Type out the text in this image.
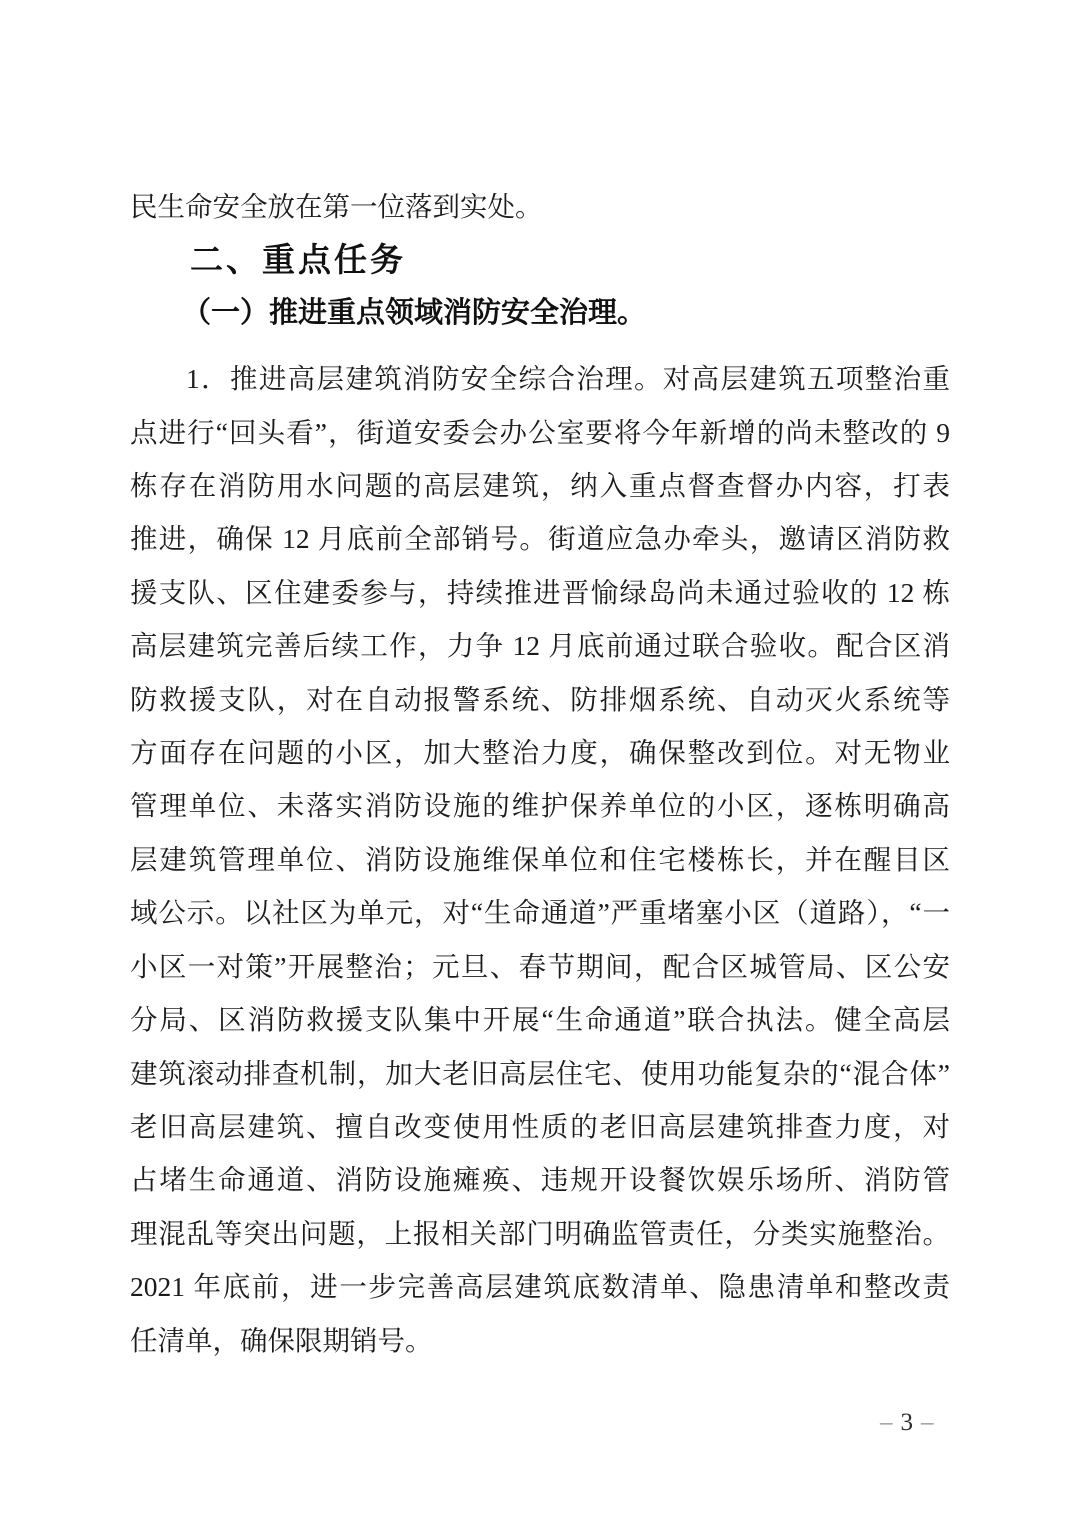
民生命安全放在第一位落到实处。
二、重点任务
（一）推进重点领域消防安全治理。
1．推进高层建筑消防安全综合治理。对高层建筑五项整治重
点进行“回头看”，街道安委会办公室要将今年新增的尚未整改的 9
栋存在消防用水问题的高层建筑，纳入重点督查督办内容，打表
推进，确保 12 月底前全部销号。街道应急办牵头，邀请区消防救
援支队、区住建委参与，持续推进晋愉绿岛尚未通过验收的 12 栋
高层建筑完善后续工作，力争 12 月底前通过联合验收。配合区消
防救援支队，对在自动报警系统、防排烟系统、自动灭火系统等
方面存在问题的小区，加大整治力度，确保整改到位。对无物业
管理单位、未落实消防设施的维护保养单位的小区，逐栋明确高
层建筑管理单位、消防设施维保单位和住宅楼栋长，并在醒目区
域公示。以社区为单元，对“生命通道”严重堵塞小区（道路），“一
小区一对策”开展整治；元旦、春节期间，配合区城管局、区公安
分局、区消防救援支队集中开展“生命通道”联合执法。健全高层
建筑滚动排查机制，加大老旧高层住宅、使用功能复杂的“混合体”
老旧高层建筑、擅自改变使用性质的老旧高层建筑排查力度，对
占堵生命通道、消防设施瘫痪、违规开设餐饮娱乐场所、消防管
理混乱等突出问题，上报相关部门明确监管责任，分类实施整治。
2021 年底前，进一步完善高层建筑底数清单、隐患清单和整改责
任清单，确保限期销号。
– 3 –
